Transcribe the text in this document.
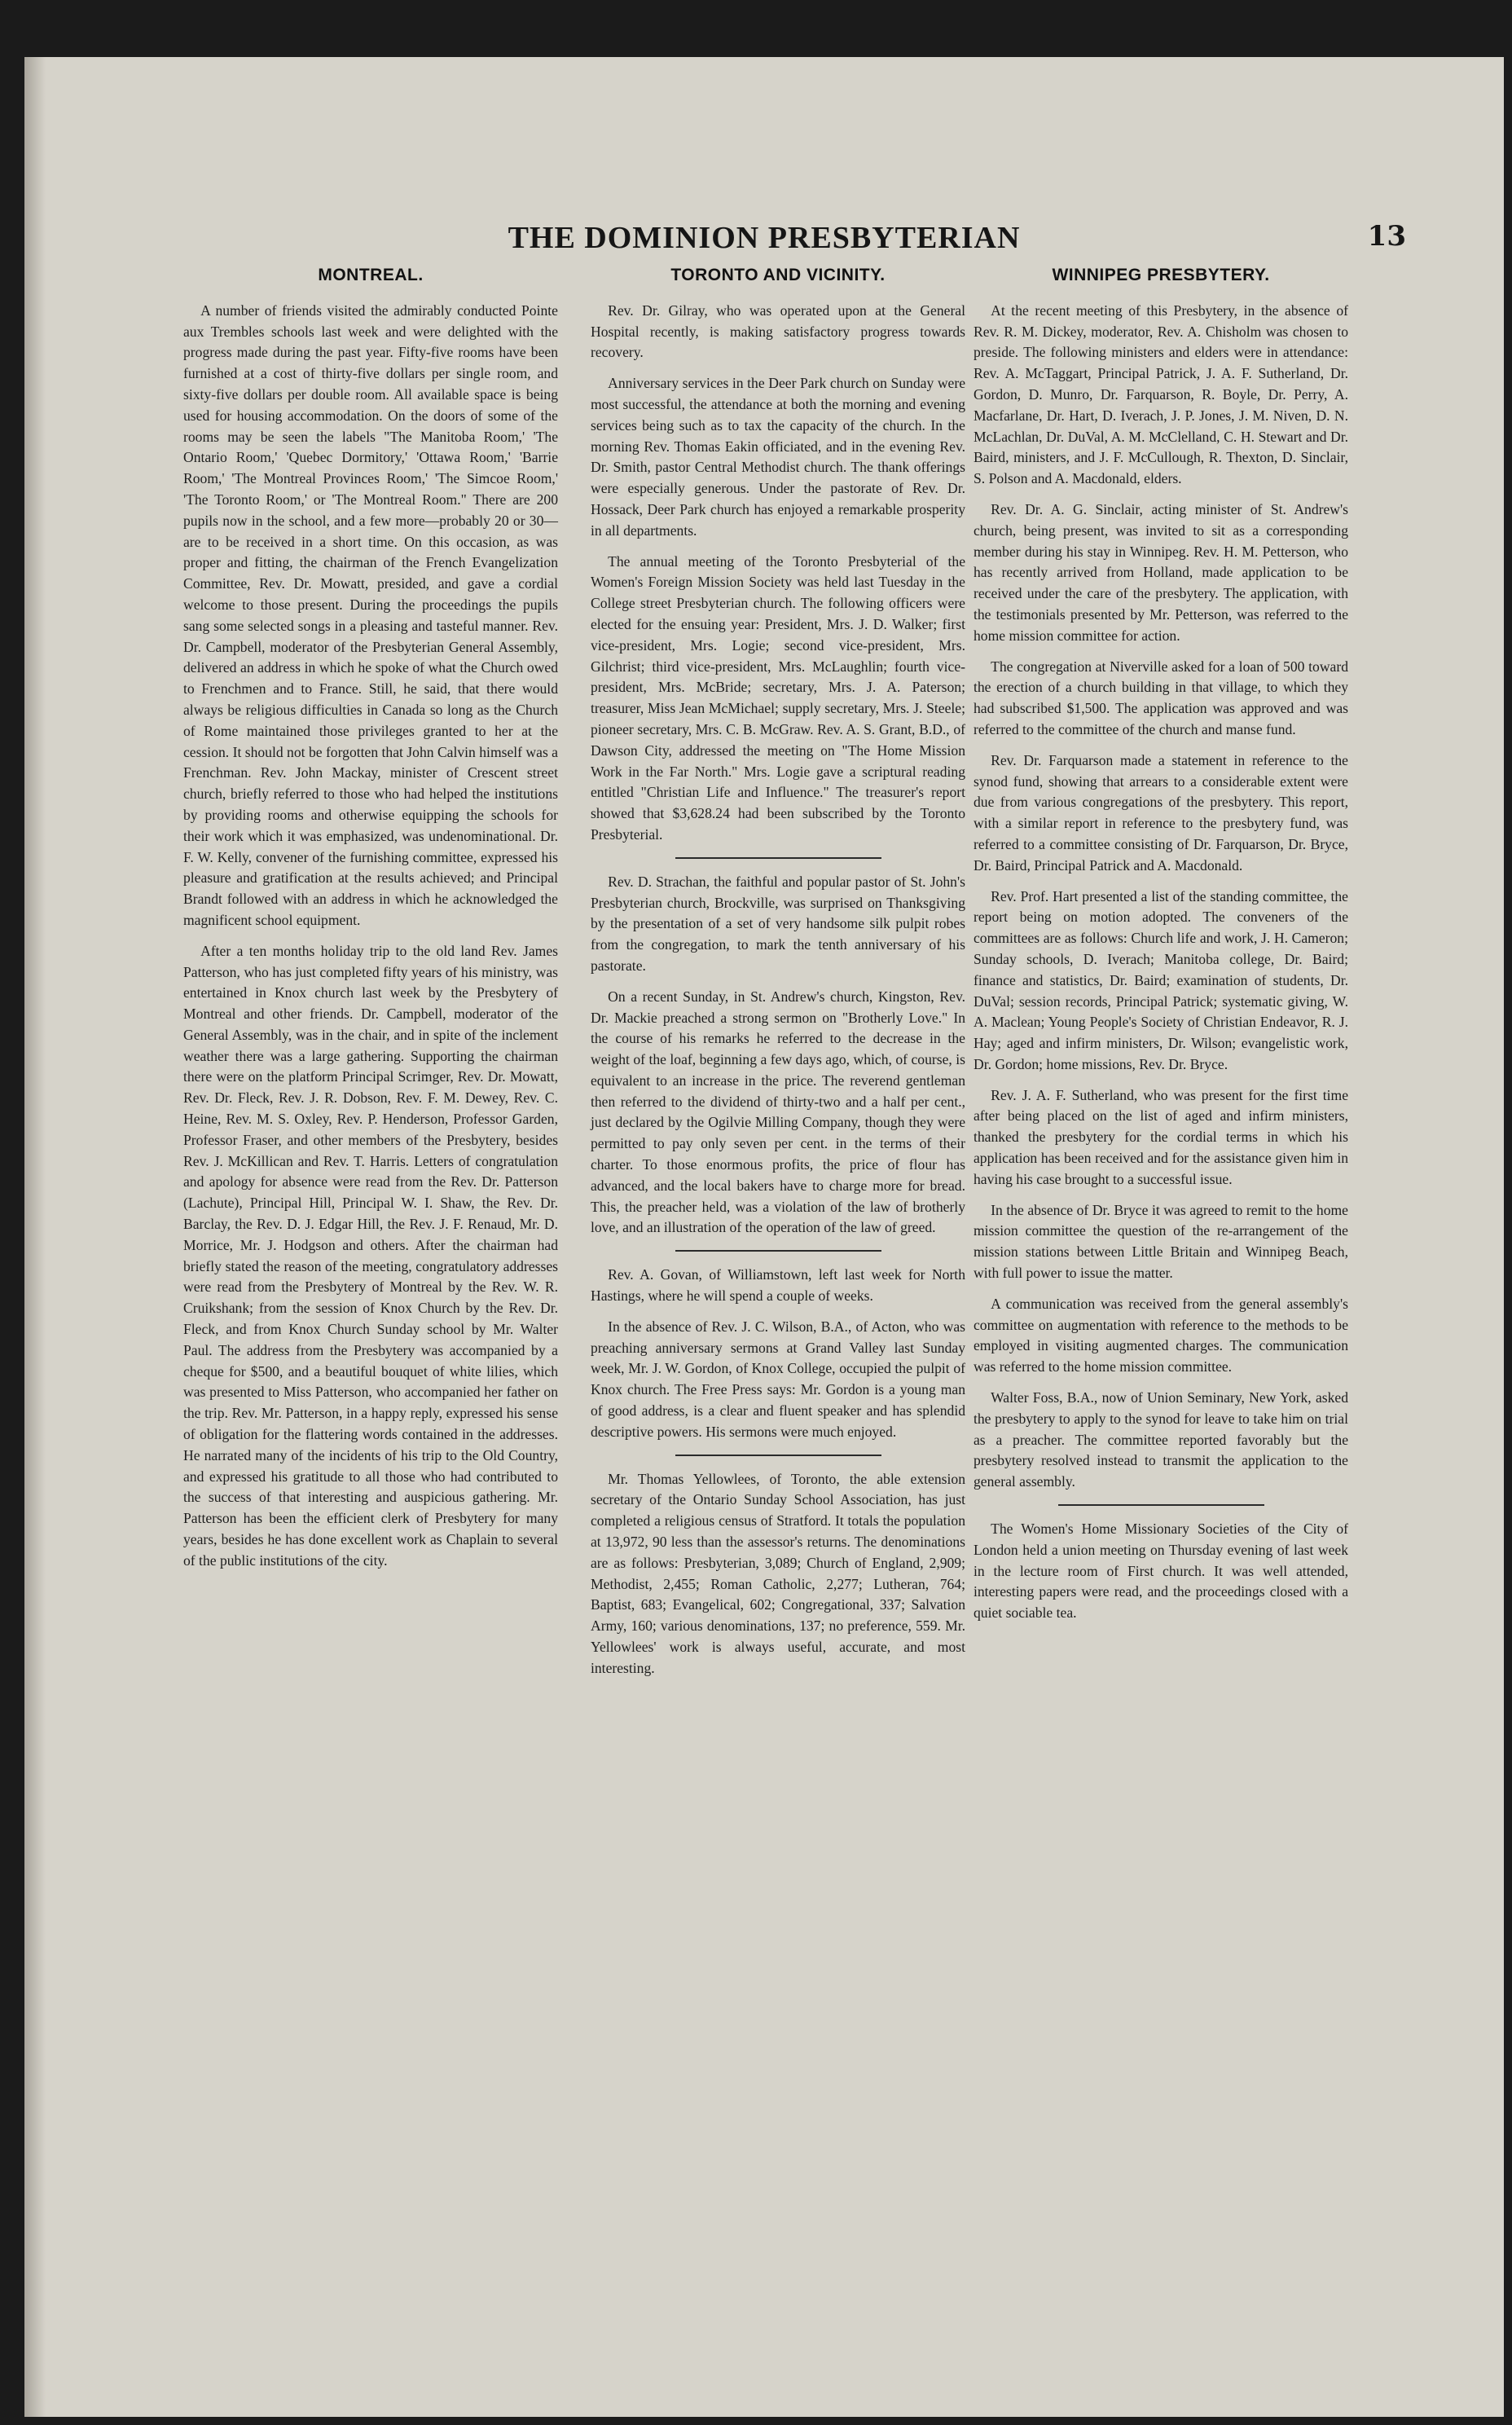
THE DOMINION PRESBYTERIAN	13
MONTREAL.

A number of friends visited the admirably conducted Pointe aux Trembles schools last week and were delighted with the progress made during the past year. Fifty-five rooms have been furnished at a cost of thirty-five dollars per single room, and sixty-five dollars per double room. All available space is being used for housing accommodation. On the doors of some of the rooms may be seen the labels "The Manitoba Room,' 'The Ontario Room,' 'Quebec Dormitory,' 'Ottawa Room,' 'Barrie Room,' 'The Montreal Provinces Room,' 'The Simcoe Room,' 'The Toronto Room,' or 'The Montreal Room." There are 200 pupils now in the school, and a few more—probably 20 or 30—are to be received in a short time. On this occasion, as was proper and fitting, the chairman of the French Evangelization Committee, Rev. Dr. Mowatt, presided, and gave a cordial welcome to those present. During the proceedings the pupils sang some selected songs in a pleasing and tasteful manner. Rev. Dr. Campbell, moderator of the Presbyterian General Assembly, delivered an address in which he spoke of what the Church owed to Frenchmen and to France. Still, he said, that there would always be religious difficulties in Canada so long as the Church of Rome maintained those privileges granted to her at the cession. It should not be forgotten that John Calvin himself was a Frenchman. Rev. John Mackay, minister of Crescent street church, briefly referred to those who had helped the institutions by providing rooms and otherwise equipping the schools for their work which it was emphasized, was undenominational. Dr. F. W. Kelly, convener of the furnishing committee, expressed his pleasure and gratification at the results achieved; and Principal Brandt followed with an address in which he acknowledged the magnificent school equipment.

After a ten months holiday trip to the old land Rev. James Patterson, who has just completed fifty years of his ministry, was entertained in Knox church last week by the Presbytery of Montreal and other friends. Dr. Campbell, moderator of the General Assembly, was in the chair, and in spite of the inclement weather there was a large gathering. Supporting the chairman there were on the platform Principal Scrimger, Rev. Dr. Mowatt, Rev. Dr. Fleck, Rev. J. R. Dobson, Rev. F. M. Dewey, Rev. C. Heine, Rev. M. S. Oxley, Rev. P. Henderson, Professor Garden, Professor Fraser, and other members of the Presbytery, besides Rev. J. McKillican and Rev. T. Harris. Letters of congratulation and apology for absence were read from the Rev. Dr. Patterson (Lachute), Principal Hill, Principal W. I. Shaw, the Rev. Dr. Barclay, the Rev. D. J. Edgar Hill, the Rev. J. F. Renaud, Mr. D. Morrice, Mr. J. Hodgson and others. After the chairman had briefly stated the reason of the meeting, congratulatory addresses were read from the Presbytery of Montreal by the Rev. W. R. Cruikshank; from the session of Knox Church by the Rev. Dr. Fleck, and from Knox Church Sunday school by Mr. Walter Paul. The address from the Presbytery was accompanied by a cheque for $500, and a beautiful bouquet of white lilies, which was presented to Miss Patterson, who accompanied her father on the trip. Rev. Mr. Patterson, in a happy reply, expressed his sense of obligation for the flattering words contained in the addresses. He narrated many of the incidents of his trip to the Old Country, and expressed his gratitude to all those who had contributed to the success of that interesting and auspicious gathering. Mr. Patterson has been the efficient clerk of Presbytery for many years, besides he has done excellent work as Chaplain to several of the public institutions of the city.

TORONTO AND VICINITY.

Rev. Dr. Gilray, who was operated upon at the General Hospital recently, is making satisfactory progress towards recovery.

Anniversary services in the Deer Park church on Sunday were most successful, the attendance at both the morning and evening services being such as to tax the capacity of the church. In the morning Rev. Thomas Eakin officiated, and in the evening Rev. Dr. Smith, pastor Central Methodist church. The thank offerings were especially generous. Under the pastorate of Rev. Dr. Hossack, Deer Park church has enjoyed a remarkable prosperity in all departments.

The annual meeting of the Toronto Presbyterial of the Women's Foreign Mission Society was held last Tuesday in the College street Presbyterian church. The following officers were elected for the ensuing year: President, Mrs. J. D. Walker; first vice-president, Mrs. Logie; second vice-president, Mrs. Gilchrist; third vice-president, Mrs. McLaughlin; fourth vice-president, Mrs. McBride; secretary, Mrs. J. A. Paterson; treasurer, Miss Jean McMichael; supply secretary, Mrs. J. Steele; pioneer secretary, Mrs. C. B. McGraw. Rev. A. S. Grant, B.D., of Dawson City, addressed the meeting on "The Home Mission Work in the Far North." Mrs. Logie gave a scriptural reading entitled "Christian Life and Influence." The treasurer's report showed that $3,628.24 had been subscribed by the Toronto Presbyterial.

Rev. D. Strachan, the faithful and popular pastor of St. John's Presbyterian church, Brockville, was surprised on Thanksgiving by the presentation of a set of very handsome silk pulpit robes from the congregation, to mark the tenth anniversary of his pastorate.

On a recent Sunday, in St. Andrew's church, Kingston, Rev. Dr. Mackie preached a strong sermon on "Brotherly Love." In the course of his remarks he referred to the decrease in the weight of the loaf, beginning a few days ago, which, of course, is equivalent to an increase in the price. The reverend gentleman then referred to the dividend of thirty-two and a half per cent., just declared by the Ogilvie Milling Company, though they were permitted to pay only seven per cent. in the terms of their charter. To those enormous profits, the price of flour has advanced, and the local bakers have to charge more for bread. This, the preacher held, was a violation of the law of brotherly love, and an illustration of the operation of the law of greed.

Rev. A. Govan, of Williamstown, left last week for North Hastings, where he will spend a couple of weeks.

In the absence of Rev. J. C. Wilson, B.A., of Acton, who was preaching anniversary sermons at Grand Valley last Sunday week, Mr. J. W. Gordon, of Knox College, occupied the pulpit of Knox church. The Free Press says: Mr. Gordon is a young man of good address, is a clear and fluent speaker and has splendid descriptive powers. His sermons were much enjoyed.

Mr. Thomas Yellowlees, of Toronto, the able extension secretary of the Ontario Sunday School Association, has just completed a religious census of Stratford. It totals the population at 13,972, 90 less than the assessor's returns. The denominations are as follows: Presbyterian, 3,089; Church of England, 2,909; Methodist, 2,455; Roman Catholic, 2,277; Lutheran, 764; Baptist, 683; Evangelical, 602; Congregational, 337; Salvation Army, 160; various denominations, 137; no preference, 559. Mr. Yellowlees' work is always useful, accurate, and most interesting.

WINNIPEG PRESBYTERY.

At the recent meeting of this Presbytery, in the absence of Rev. R. M. Dickey, moderator, Rev. A. Chisholm was chosen to preside. The following ministers and elders were in attendance: Rev. A. McTaggart, Principal Patrick, J. A. F. Sutherland, Dr. Gordon, D. Munro, Dr. Farquarson, R. Boyle, Dr. Perry, A. Macfarlane, Dr. Hart, D. Iverach, J. P. Jones, J. M. Niven, D. N. McLachlan, Dr. DuVal, A. M. McClelland, C. H. Stewart and Dr. Baird, ministers, and J. F. McCullough, R. Thexton, D. Sinclair, S. Polson and A. Macdonald, elders.

Rev. Dr. A. G. Sinclair, acting minister of St. Andrew's church, being present, was invited to sit as a corresponding member during his stay in Winnipeg. Rev. H. M. Petterson, who has recently arrived from Holland, made application to be received under the care of the presbytery. The application, with the testimonials presented by Mr. Petterson, was referred to the home mission committee for action.

The congregation at Niverville asked for a loan of 500 toward the erection of a church building in that village, to which they had subscribed $1,500. The application was approved and was referred to the committee of the church and manse fund.

Rev. Dr. Farquarson made a statement in reference to the synod fund, showing that arrears to a considerable extent were due from various congregations of the presbytery. This report, with a similar report in reference to the presbytery fund, was referred to a committee consisting of Dr. Farquarson, Dr. Bryce, Dr. Baird, Principal Patrick and A. Macdonald.

Rev. Prof. Hart presented a list of the standing committee, the report being on motion adopted. The conveners of the committees are as follows: Church life and work, J. H. Cameron; Sunday schools, D. Iverach; Manitoba college, Dr. Baird; finance and statistics, Dr. Baird; examination of students, Dr. DuVal; session records, Principal Patrick; systematic giving, W. A. Maclean; Young People's Society of Christian Endeavor, R. J. Hay; aged and infirm ministers, Dr. Wilson; evangelistic work, Dr. Gordon; home missions, Rev. Dr. Bryce.

Rev. J. A. F. Sutherland, who was present for the first time after being placed on the list of aged and infirm ministers, thanked the presbytery for the cordial terms in which his application has been received and for the assistance given him in having his case brought to a successful issue.

In the absence of Dr. Bryce it was agreed to remit to the home mission committee the question of the re-arrangement of the mission stations between Little Britain and Winnipeg Beach, with full power to issue the matter.

A communication was received from the general assembly's committee on augmentation with reference to the methods to be employed in visiting augmented charges. The communication was referred to the home mission committee.

Walter Foss, B.A., now of Union Seminary, New York, asked the presbytery to apply to the synod for leave to take him on trial as a preacher. The committee reported favorably but the presbytery resolved instead to transmit the application to the general assembly.

The Women's Home Missionary Societies of the City of London held a union meeting on Thursday evening of last week in the lecture room of First church. It was well attended, interesting papers were read, and the proceedings closed with a quiet sociable tea.
